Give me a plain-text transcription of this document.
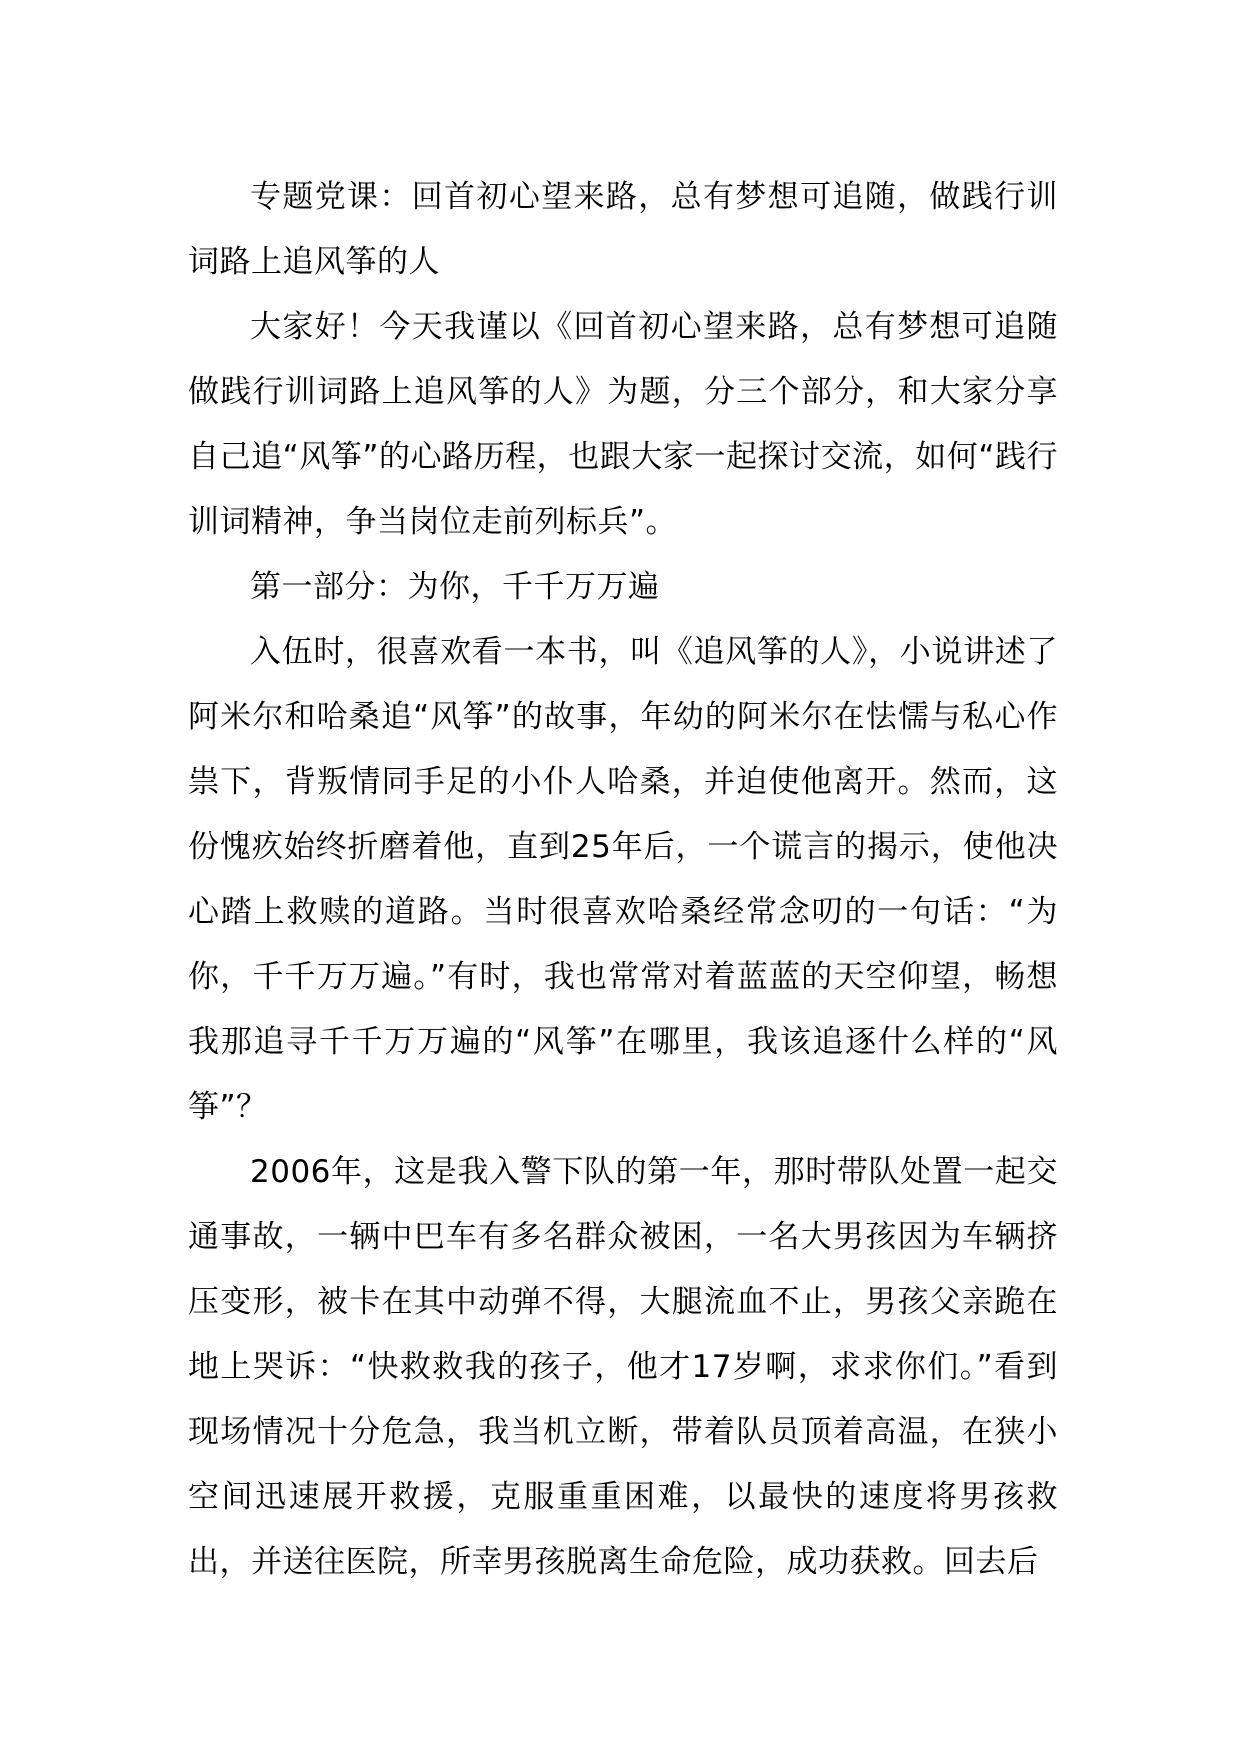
专题党课：回首初心望来路，总有梦想可追随，做践行训词路上追风筝的人

大家好！今天我谨以《回首初心望来路，总有梦想可追随做践行训词路上追风筝的人》为题，分三个部分，和大家分享自己追“风筝”的心路历程，也跟大家一起探讨交流，如何“践行训词精神，争当岗位走前列标兵”。

第一部分：为你，千千万万遍

入伍时，很喜欢看一本书，叫《追风筝的人》，小说讲述了阿米尔和哈桑追“风筝”的故事，年幼的阿米尔在怯懦与私心作祟下，背叛情同手足的小仆人哈桑，并迫使他离开。然而，这份愧疚始终折磨着他，直到25年后，一个谎言的揭示，使他决心踏上救赎的道路。当时很喜欢哈桑经常念叨的一句话：“为你，千千万万遍。”有时，我也常常对着蓝蓝的天空仰望，畅想我那追寻千千万万遍的“风筝”在哪里，我该追逐什么样的“风筝”？

2006年，这是我入警下队的第一年，那时带队处置一起交通事故，一辆中巴车有多名群众被困，一名大男孩因为车辆挤压变形，被卡在其中动弹不得，大腿流血不止，男孩父亲跪在地上哭诉：“快救救我的孩子，他才17岁啊，求求你们。”看到现场情况十分危急，我当机立断，带着队员顶着高温，在狭小空间迅速展开救援，克服重重困难，以最快的速度将男孩救出，并送往医院，所幸男孩脱离生命危险，成功获救。回去后
